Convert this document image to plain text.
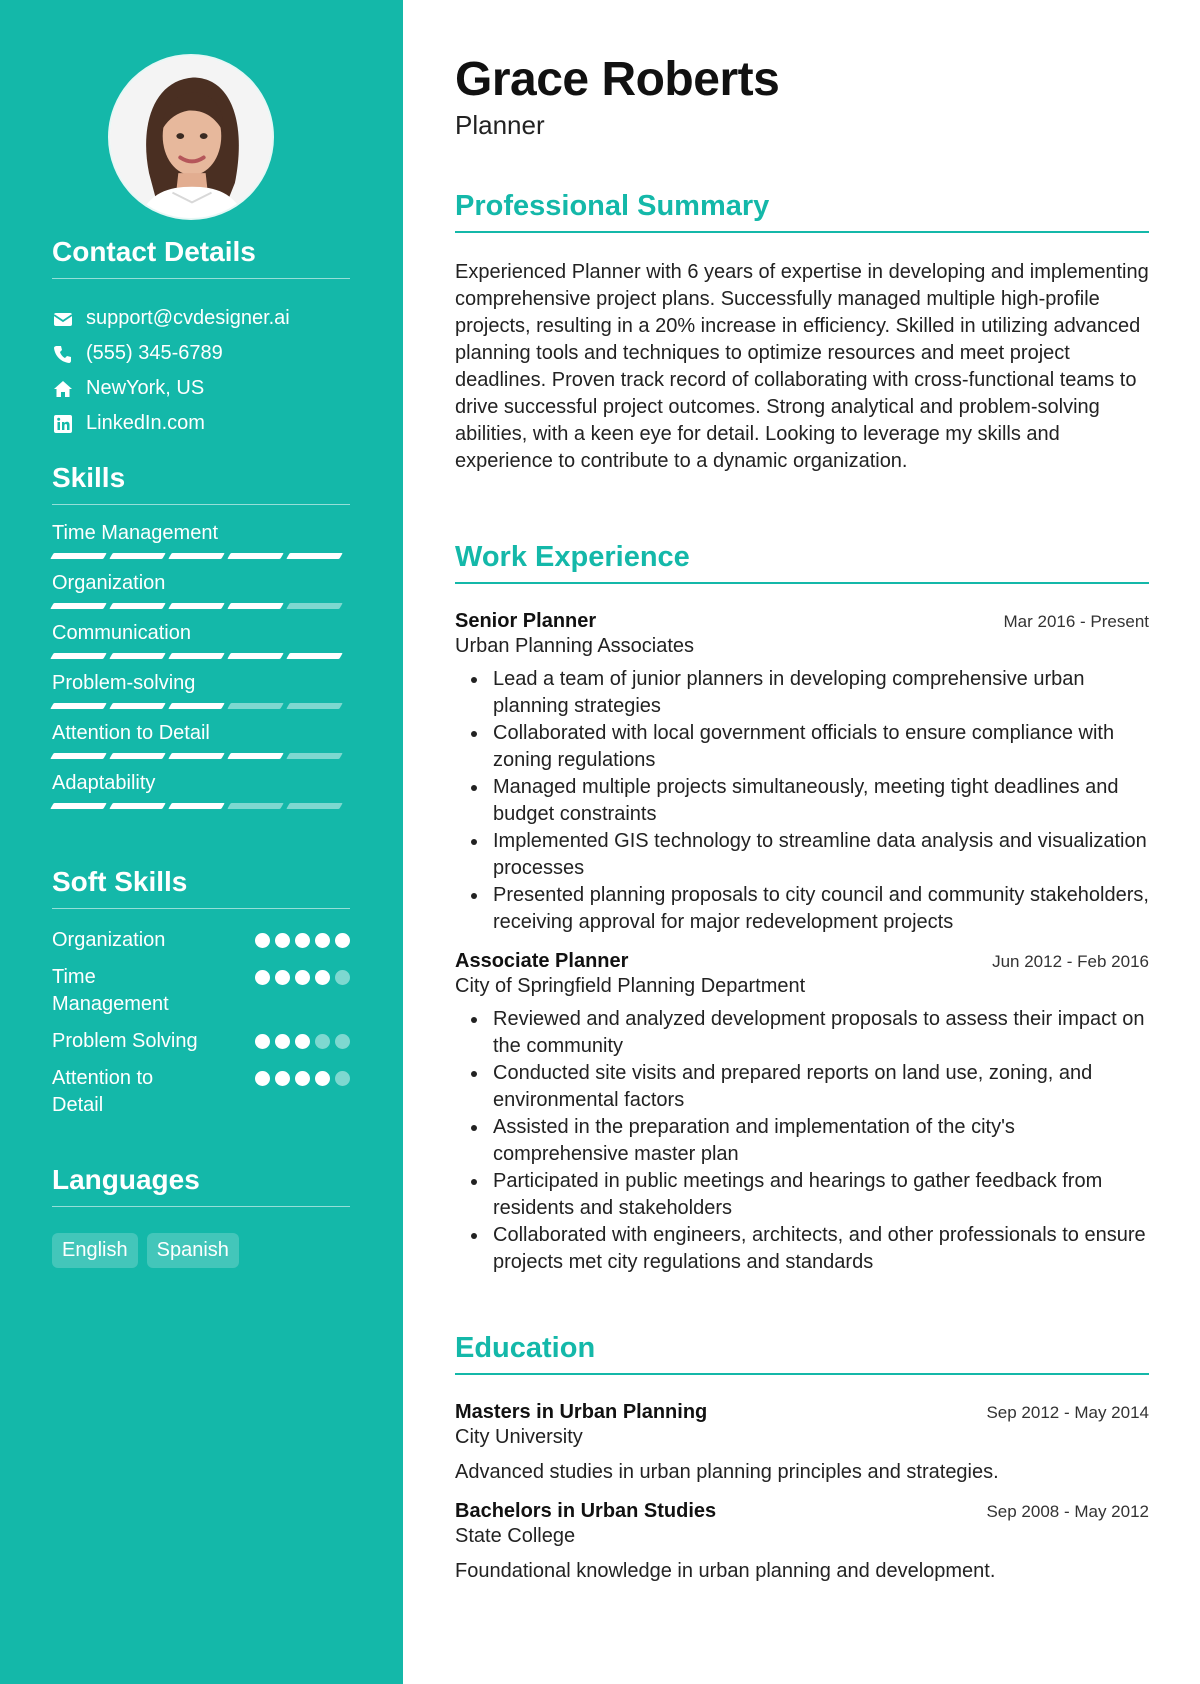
Contact Details
support@cvdesigner.ai
(555) 345-6789
NewYork, US
LinkedIn.com
Skills
Time Management
Organization
Communication
Problem-solving
Attention to Detail
Adaptability
Soft Skills
Organization
Time Management
Problem Solving
Attention to Detail
Languages
English	Spanish
Grace Roberts
Planner
Professional Summary
Experienced Planner with 6 years of expertise in developing and implementing comprehensive project plans. Successfully managed multiple high-profile projects, resulting in a 20% increase in efficiency. Skilled in utilizing advanced planning tools and techniques to optimize resources and meet project deadlines. Proven track record of collaborating with cross-functional teams to drive successful project outcomes. Strong analytical and problem-solving abilities, with a keen eye for detail. Looking to leverage my skills and experience to contribute to a dynamic organization.
Work Experience
Senior Planner	Mar 2016 - Present
Urban Planning Associates
Lead a team of junior planners in developing comprehensive urban planning strategies
Collaborated with local government officials to ensure compliance with zoning regulations
Managed multiple projects simultaneously, meeting tight deadlines and budget constraints
Implemented GIS technology to streamline data analysis and visualization processes
Presented planning proposals to city council and community stakeholders, receiving approval for major redevelopment projects
Associate Planner	Jun 2012 - Feb 2016
City of Springfield Planning Department
Reviewed and analyzed development proposals to assess their impact on the community
Conducted site visits and prepared reports on land use, zoning, and environmental factors
Assisted in the preparation and implementation of the city's comprehensive master plan
Participated in public meetings and hearings to gather feedback from residents and stakeholders
Collaborated with engineers, architects, and other professionals to ensure projects met city regulations and standards
Education
Masters in Urban Planning	Sep 2012 - May 2014
City University
Advanced studies in urban planning principles and strategies.
Bachelors in Urban Studies	Sep 2008 - May 2012
State College
Foundational knowledge in urban planning and development.
